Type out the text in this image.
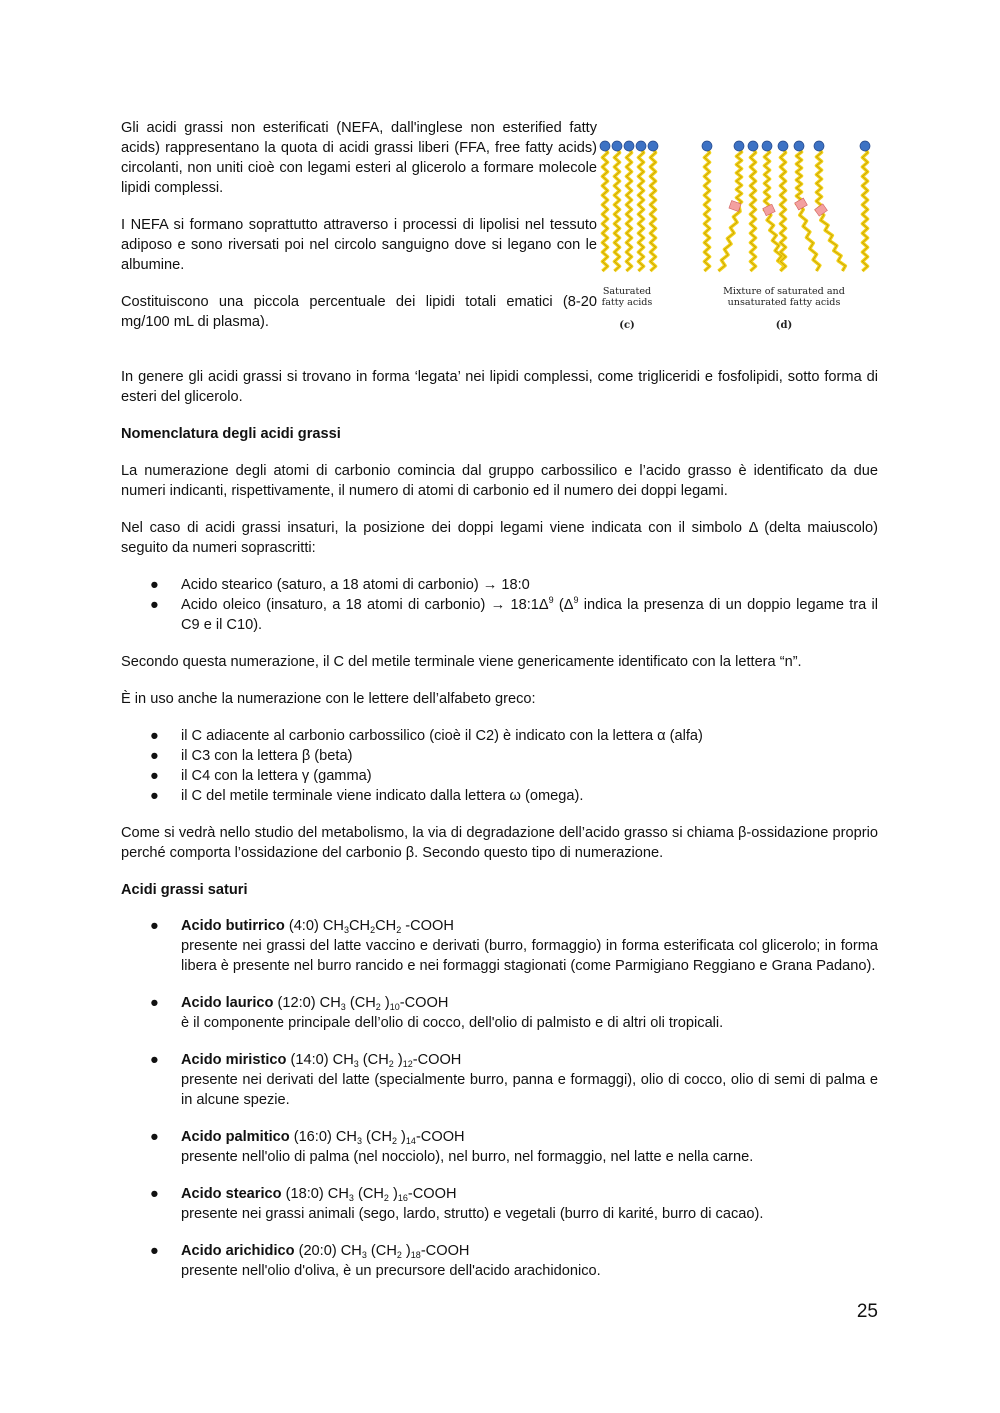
Gli acidi grassi non esterificati (NEFA, dall'inglese non esterified fatty acids) rappresentano la quota di acidi grassi liberi (FFA, free fatty acids) circolanti, non uniti cioè con legami esteri al glicerolo a formare molecole lipidi complessi.

I NEFA si formano soprattutto attraverso i processi di lipolisi nel tessuto adiposo e sono riversati poi nel circolo sanguigno dove si legano con le albumine.

Costituiscono una piccola percentuale dei lipidi totali ematici (8-20 mg/100 mL di plasma).

Saturated
fatty acids
(c)
Mixture of saturated and
unsaturated fatty acids
(d)

In genere gli acidi grassi si trovano in forma ‘legata’ nei lipidi complessi, come trigliceridi e fosfolipidi, sotto forma di esteri del glicerolo.

Nomenclatura degli acidi grassi

La numerazione degli atomi di carbonio comincia dal gruppo carbossilico e l’acido grasso è identificato da due numeri indicanti, rispettivamente, il numero di atomi di carbonio ed il numero dei doppi legami.

Nel caso di acidi grassi insaturi, la posizione dei doppi legami viene indicata con il simbolo Δ (delta maiuscolo) seguito da numeri soprascritti:

● Acido stearico (saturo, a 18 atomi di carbonio) → 18:0
● Acido oleico (insaturo, a 18 atomi di carbonio) → $18:1\Delta^9$ ($\Delta^9$ indica la presenza di un doppio legame tra il C9 e il C10).

Secondo questa numerazione, il C del metile terminale viene genericamente identificato con la lettera “n”.

È in uso anche la numerazione con le lettere dell’alfabeto greco:

● il C adiacente al carbonio carbossilico (cioè il C2) è indicato con la lettera α (alfa)
● il C3 con la lettera β (beta)
● il C4 con la lettera γ (gamma)
● il C del metile terminale viene indicato dalla lettera ω (omega).

Come si vedrà nello studio del metabolismo, la via di degradazione dell’acido grasso si chiama β-ossidazione proprio perché comporta l’ossidazione del carbonio β. Secondo questo tipo di numerazione.

Acidi grassi saturi

● Acido butirrico (4:0) $CH_3CH_2CH_2$ -COOH
presente nei grassi del latte vaccino e derivati (burro, formaggio) in forma esterificata col glicerolo; in forma libera è presente nel burro rancido e nei formaggi stagionati (come Parmigiano Reggiano e Grana Padano).
● Acido laurico (12:0) $CH_3$ ($CH_2$ )$_{10}$-COOH
è il componente principale dell’olio di cocco, dell'olio di palmisto e di altri oli tropicali.
● Acido miristico (14:0) $CH_3$ ($CH_2$ )$_{12}$-COOH
presente nei derivati del latte (specialmente burro, panna e formaggi), olio di cocco, olio di semi di palma e in alcune spezie.
● Acido palmitico (16:0) $CH_3$ ($CH_2$ )$_{14}$-COOH
presente nell'olio di palma (nel nocciolo), nel burro, nel formaggio, nel latte e nella carne.
● Acido stearico (18:0) $CH_3$ ($CH_2$ )$_{16}$-COOH
presente nei grassi animali (sego, lardo, strutto) e vegetali (burro di karité, burro di cacao).
● Acido arichidico (20:0) $CH_3$ ($CH_2$ )$_{18}$-COOH
presente nell'olio d'oliva, è un precursore dell'acido arachidonico.
25
